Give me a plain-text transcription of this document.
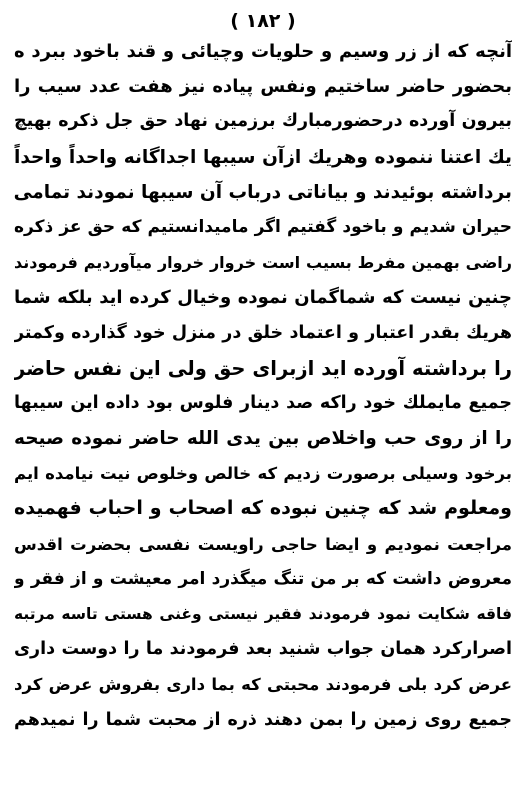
( ۱۸۲ )
آنچه که از زر وسیم و حلویات وچیائی و قند باخود ببرد ه
بحضور حاضر ساختیم ونفس پیاده نیز هفت عدد سیب را
بیرون آورده درحضورمبارك برزمین نهاد حق جل ذکره بهیچ
یك اعتنا ننموده وهریك ازآن سیبها اجداگانه واحداً واحداً
برداشته بوئیدند و بیاناتی درباب آن سیبها نمودند تمامی
حیران شدیم و باخود گفتیم اگر مامیدانستیم که حق عز ذکره
راضی بهمین مفرط بسیب است خروار خروار میآوردیم فرمودند
چنین نیست که شماگمان نموده وخیال کرده اید بلکه شما
هریك بقدر اعتبار و اعتماد خلق در منزل خود گذارده وکمتر
را برداشته آورده اید ازبرای حق ولی این نفس حاضر
جمیع مایملك خود راکه صد دینار فلوس بود داده این سیبها
را از روی حب واخلاص بین یدی الله حاضر نموده صیحه
برخود وسیلی برصورت زدیم که خالص وخلوص نیت نیامده ایم
ومعلوم شد که چنین نبوده که اصحاب و احباب فهمیده
مراجعت نمودیم و ایضا حاجی راویست نفسی بحضرت اقدس
معروض داشت که بر من تنگ میگذرد امر معیشت و از فقر و
فاقه شکایت نمود فرمودند فقیر نیستی وغنی هستی تاسه مرتبه
اصرارکرد همان جواب شنید بعد فرمودند ما را دوست داری
عرض کرد بلی فرمودند محبتی که بما داری بفروش عرض کرد
جمیع روی زمین را بمن دهند ذره از محبت شما را نمیدهم
